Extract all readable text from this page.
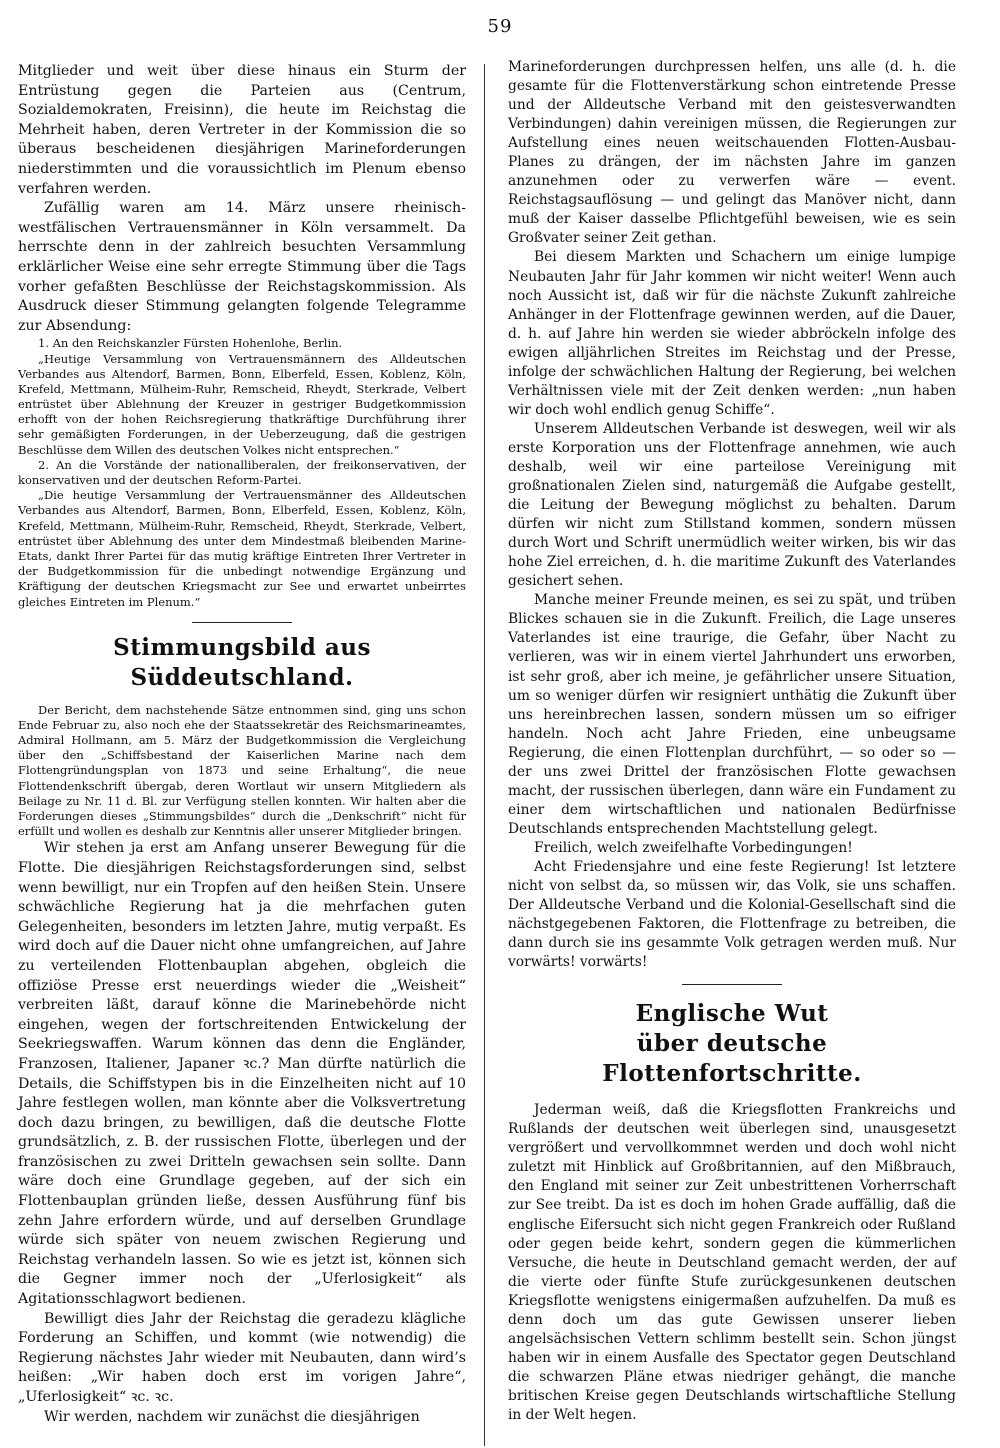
59

Mitglieder und weit über diese hinaus ein Sturm der Entrüstung gegen die Parteien aus (Centrum, Sozialdemokraten, Freisinn), die heute im Reichstag die Mehrheit haben, deren Vertreter in der Kommission die so überaus bescheidenen diesjährigen Marineforderungen niederstimmten und die voraussichtlich im Plenum ebenso verfahren werden.

Zufällig waren am 14. März unsere rheinisch-westfälischen Vertrauensmänner in Köln versammelt. Da herrschte denn in der zahlreich besuchten Versammlung erklärlicher Weise eine sehr erregte Stimmung über die Tags vorher gefaßten Beschlüsse der Reichstagskommission. Als Ausdruck dieser Stimmung gelangten folgende Telegramme zur Absendung:

1. An den Reichskanzler Fürsten Hohenlohe, Berlin.

„Heutige Versammlung von Vertrauensmännern des Alldeutschen Verbandes aus Altendorf, Barmen, Bonn, Elberfeld, Essen, Koblenz, Köln, Krefeld, Mettmann, Mülheim-Ruhr, Remscheid, Rheydt, Sterkrade, Velbert entrüstet über Ablehnung der Kreuzer in gestriger Budgetkommission erhofft von der hohen Reichsregierung thatkräftige Durchführung ihrer sehr gemäßigten Forderungen, in der Ueberzeugung, daß die gestrigen Beschlüsse dem Willen des deutschen Volkes nicht entsprechen.“

2. An die Vorstände der nationalliberalen, der freikonservativen, der konservativen und der deutschen Reform-Partei.

„Die heutige Versammlung der Vertrauensmänner des Alldeutschen Verbandes aus Altendorf, Barmen, Bonn, Elberfeld, Essen, Koblenz, Köln, Krefeld, Mettmann, Mülheim-Ruhr, Remscheid, Rheydt, Sterkrade, Velbert, entrüstet über Ablehnung des unter dem Mindestmaß bleibenden Marine-Etats, dankt Ihrer Partei für das mutig kräftige Eintreten Ihrer Vertreter in der Budgetkommission für die unbedingt notwendige Ergänzung und Kräftigung der deutschen Kriegsmacht zur See und erwartet unbeirrtes gleiches Eintreten im Plenum.“

Stimmungsbild aus Süddeutschland.

Der Bericht, dem nachstehende Sätze entnommen sind, ging uns schon Ende Februar zu, also noch ehe der Staatssekretär des Reichsmarineamtes, Admiral Hollmann, am 5. März der Budgetkommission die Vergleichung über den „Schiffsbestand der Kaiserlichen Marine nach dem Flottengründungsplan von 1873 und seine Erhaltung“, die neue Flottendenkschrift übergab, deren Wortlaut wir unsern Mitgliedern als Beilage zu Nr. 11 d. Bl. zur Verfügung stellen konnten. Wir halten aber die Forderungen dieses „Stimmungsbildes“ durch die „Denkschrift“ nicht für erfüllt und wollen es deshalb zur Kenntnis aller unserer Mitglieder bringen.

Wir stehen ja erst am Anfang unserer Bewegung für die Flotte. Die diesjährigen Reichstagsforderungen sind, selbst wenn bewilligt, nur ein Tropfen auf den heißen Stein. Unsere schwächliche Regierung hat ja die mehrfachen guten Gelegenheiten, besonders im letzten Jahre, mutig verpaßt. Es wird doch auf die Dauer nicht ohne umfangreichen, auf Jahre zu verteilenden Flottenbauplan abgehen, obgleich die offiziöse Presse erst neuerdings wieder die „Weisheit“ verbreiten läßt, darauf könne die Marinebehörde nicht eingehen, wegen der fortschreitenden Entwickelung der Seekriegswaffen. Warum können das denn die Engländer, Franzosen, Italiener, Japaner ꝛc.? Man dürfte natürlich die Details, die Schiffstypen bis in die Einzelheiten nicht auf 10 Jahre festlegen wollen, man könnte aber die Volksvertretung doch dazu bringen, zu bewilligen, daß die deutsche Flotte grundsätzlich, z. B. der russischen Flotte, überlegen und der französischen zu zwei Dritteln gewachsen sein sollte. Dann wäre doch eine Grundlage gegeben, auf der sich ein Flottenbauplan gründen ließe, dessen Ausführung fünf bis zehn Jahre erfordern würde, und auf derselben Grundlage würde sich später von neuem zwischen Regierung und Reichstag verhandeln lassen. So wie es jetzt ist, können sich die Gegner immer noch der „Uferlosigkeit“ als Agitationsschlagwort bedienen.

Bewilligt dies Jahr der Reichstag die geradezu klägliche Forderung an Schiffen, und kommt (wie notwendig) die Regierung nächstes Jahr wieder mit Neubauten, dann wird’s heißen: „Wir haben doch erst im vorigen Jahre“, „Uferlosigkeit“ ꝛc. ꝛc.

Wir werden, nachdem wir zunächst die diesjährigen

Marineforderungen durchpressen helfen, uns alle (d. h. die gesamte für die Flottenverstärkung schon eintretende Presse und der Alldeutsche Verband mit den geistesverwandten Verbindungen) dahin vereinigen müssen, die Regierungen zur Aufstellung eines neuen weitschauenden Flotten-Ausbau-Planes zu drängen, der im nächsten Jahre im ganzen anzunehmen oder zu verwerfen wäre — event. Reichstagsauflösung — und gelingt das Manöver nicht, dann muß der Kaiser dasselbe Pflichtgefühl beweisen, wie es sein Großvater seiner Zeit gethan.

Bei diesem Markten und Schachern um einige lumpige Neubauten Jahr für Jahr kommen wir nicht weiter! Wenn auch noch Aussicht ist, daß wir für die nächste Zukunft zahlreiche Anhänger in der Flottenfrage gewinnen werden, auf die Dauer, d. h. auf Jahre hin werden sie wieder abbröckeln infolge des ewigen alljährlichen Streites im Reichstag und der Presse, infolge der schwächlichen Haltung der Regierung, bei welchen Verhältnissen viele mit der Zeit denken werden: „nun haben wir doch wohl endlich genug Schiffe“.

Unserem Alldeutschen Verbande ist deswegen, weil wir als erste Korporation uns der Flottenfrage annehmen, wie auch deshalb, weil wir eine parteilose Vereinigung mit großnationalen Zielen sind, naturgemäß die Aufgabe gestellt, die Leitung der Bewegung möglichst zu behalten. Darum dürfen wir nicht zum Stillstand kommen, sondern müssen durch Wort und Schrift unermüdlich weiter wirken, bis wir das hohe Ziel erreichen, d. h. die maritime Zukunft des Vaterlandes gesichert sehen.

Manche meiner Freunde meinen, es sei zu spät, und trüben Blickes schauen sie in die Zukunft. Freilich, die Lage unseres Vaterlandes ist eine traurige, die Gefahr, über Nacht zu verlieren, was wir in einem viertel Jahrhundert uns erworben, ist sehr groß, aber ich meine, je gefährlicher unsere Situation, um so weniger dürfen wir resigniert unthätig die Zukunft über uns hereinbrechen lassen, sondern müssen um so eifriger handeln. Noch acht Jahre Frieden, eine unbeugsame Regierung, die einen Flottenplan durchführt, — so oder so — der uns zwei Drittel der französischen Flotte gewachsen macht, der russischen überlegen, dann wäre ein Fundament zu einer dem wirtschaftlichen und nationalen Bedürfnisse Deutschlands entsprechenden Machtstellung gelegt.

Freilich, welch zweifelhafte Vorbedingungen!

Acht Friedensjahre und eine feste Regierung! Ist letztere nicht von selbst da, so müssen wir, das Volk, sie uns schaffen. Der Alldeutsche Verband und die Kolonial-Gesellschaft sind die nächstgegebenen Faktoren, die Flottenfrage zu betreiben, die dann durch sie ins gesammte Volk getragen werden muß. Nur vorwärts! vorwärts!

Englische Wut
über deutsche Flottenfortschritte.

Jederman weiß, daß die Kriegsflotten Frankreichs und Rußlands der deutschen weit überlegen sind, unausgesetzt vergrößert und vervollkommnet werden und doch wohl nicht zuletzt mit Hinblick auf Großbritannien, auf den Mißbrauch, den England mit seiner zur Zeit unbestrittenen Vorherrschaft zur See treibt. Da ist es doch im hohen Grade auffällig, daß die englische Eifersucht sich nicht gegen Frankreich oder Rußland oder gegen beide kehrt, sondern gegen die kümmerlichen Versuche, die heute in Deutschland gemacht werden, der auf die vierte oder fünfte Stufe zurückgesunkenen deutschen Kriegsflotte wenigstens einigermaßen aufzuhelfen. Da muß es denn doch um das gute Gewissen unserer lieben angelsächsischen Vettern schlimm bestellt sein. Schon jüngst haben wir in einem Ausfalle des Spectator gegen Deutschland die schwarzen Pläne etwas niedriger gehängt, die manche britischen Kreise gegen Deutschlands wirtschaftliche Stellung in der Welt hegen.
